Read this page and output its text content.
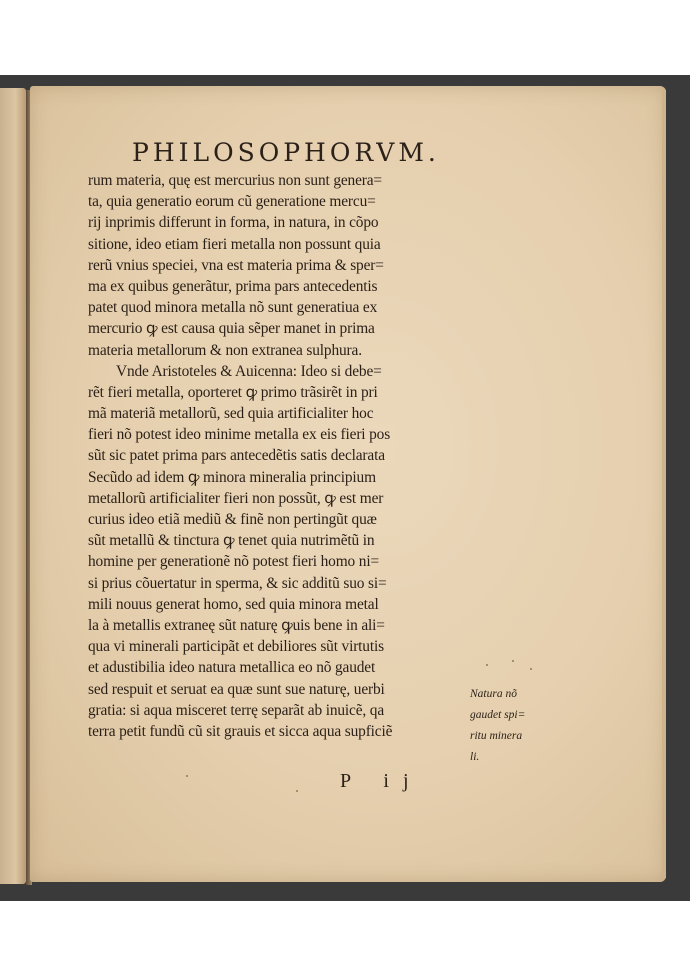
PHILOSOPHORVM.
rum materia, quę est mercurius non sunt genera=
ta, quia generatio eorum cũ generatione mercu=
rij inprimis differunt in forma, in natura, in cõpo
sitione, ideo etiam fieri metalla non possunt quia
rerũ vnius speciei, vna est materia prima & sper=
ma ex quibus generãtur, prima pars antecedentis
patet quod minora metalla nõ sunt generatiua ex
mercurio ꝙ est causa quia sẽper manet in prima
materia metallorum & non extranea sulphura.
Vnde Aristoteles & Auicenna: Ideo si debe=
rẽt fieri metalla, oporteret ꝙ primo trãsirẽt in pri
mã materiã metallorũ, sed quia artificialiter hoc
fieri nõ potest ideo minime metalla ex eis fieri pos
sũt sic patet prima pars antecedẽtis satis declarata
Secũdo ad idem ꝙ minora mineralia principium
metallorũ artificialiter fieri non possũt, ꝙ est mer
curius ideo etiã mediũ & finẽ non pertingũt quæ
sũt metallũ & tinctura ꝙ tenet quia nutrimẽtũ in
homine per generationẽ nõ potest fieri homo ni=
si prius cõuertatur in sperma, & sic additũ suo si=
mili nouus generat homo, sed quia minora metal
la à metallis extraneę sũt naturę ꝙuis bene in ali=
qua vi minerali participãt et debiliores sũt virtutis
et adustibilia ideo natura metallica eo nõ gaudet
sed respuit et seruat ea quæ sunt sue naturę, uerbi
gratia: si aqua misceret terrę separãt ab inuicẽ, qa
terra petit fundũ cũ sit grauis et sicca aqua supficiẽ
Natura nõ
gaudet spi=
ritu minera
li.
P ij
